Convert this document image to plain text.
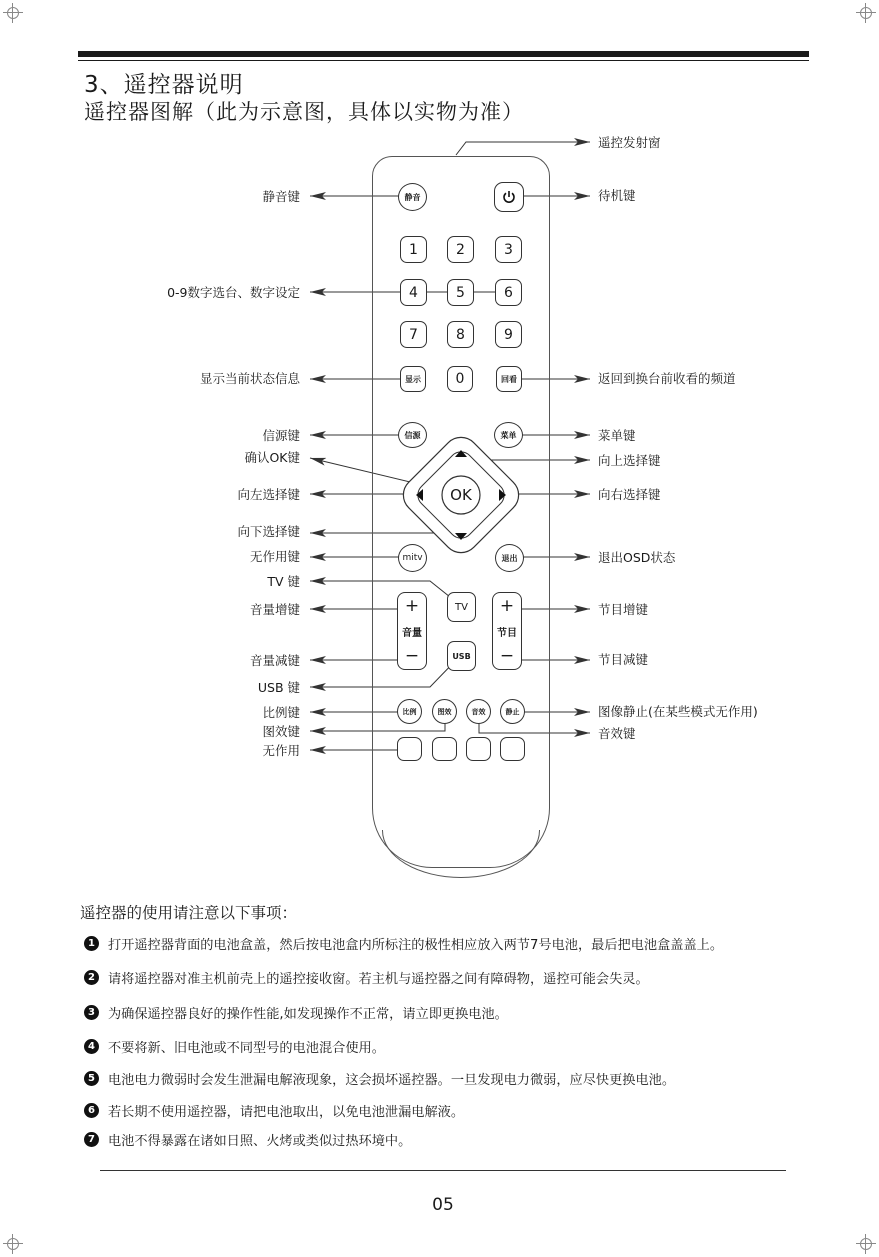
3、遥控器说明
遥控器图解（此为示意图，具体以实物为准）
静音键
0-9数字选台、数字设定
显示当前状态信息
信源键
确认OK键
向左选择键
向下选择键
无作用键
TV 键
音量增键
音量减键
USB 键
比例键
图效键
无作用
遥控发射窗
待机键
返回到换台前收看的频道
菜单键
向上选择键
向右选择键
退出OSD状态
节目增键
节目减键
图像静止(在某些模式无作用)
音效键
静音
1	2	3
4	5	6
7	8	9
显示	0	回看
信源	菜单
OK
mitv	退出
+
音量
−
+
节目
−
TV
USB
比例	图效	音效	静止
遥控器的使用请注意以下事项：
1 打开遥控器背面的电池盒盖，然后按电池盒内所标注的极性相应放入两节7号电池，最后把电池盒盖盖上。
2 请将遥控器对准主机前壳上的遥控接收窗。若主机与遥控器之间有障碍物，遥控可能会失灵。
3 为确保遥控器良好的操作性能,如发现操作不正常，请立即更换电池。
4 不要将新、旧电池或不同型号的电池混合使用。
5 电池电力微弱时会发生泄漏电解液现象，这会损坏遥控器。一旦发现电力微弱，应尽快更换电池。
6 若长期不使用遥控器，请把电池取出，以免电池泄漏电解液。
7 电池不得暴露在诸如日照、火烤或类似过热环境中。
05
